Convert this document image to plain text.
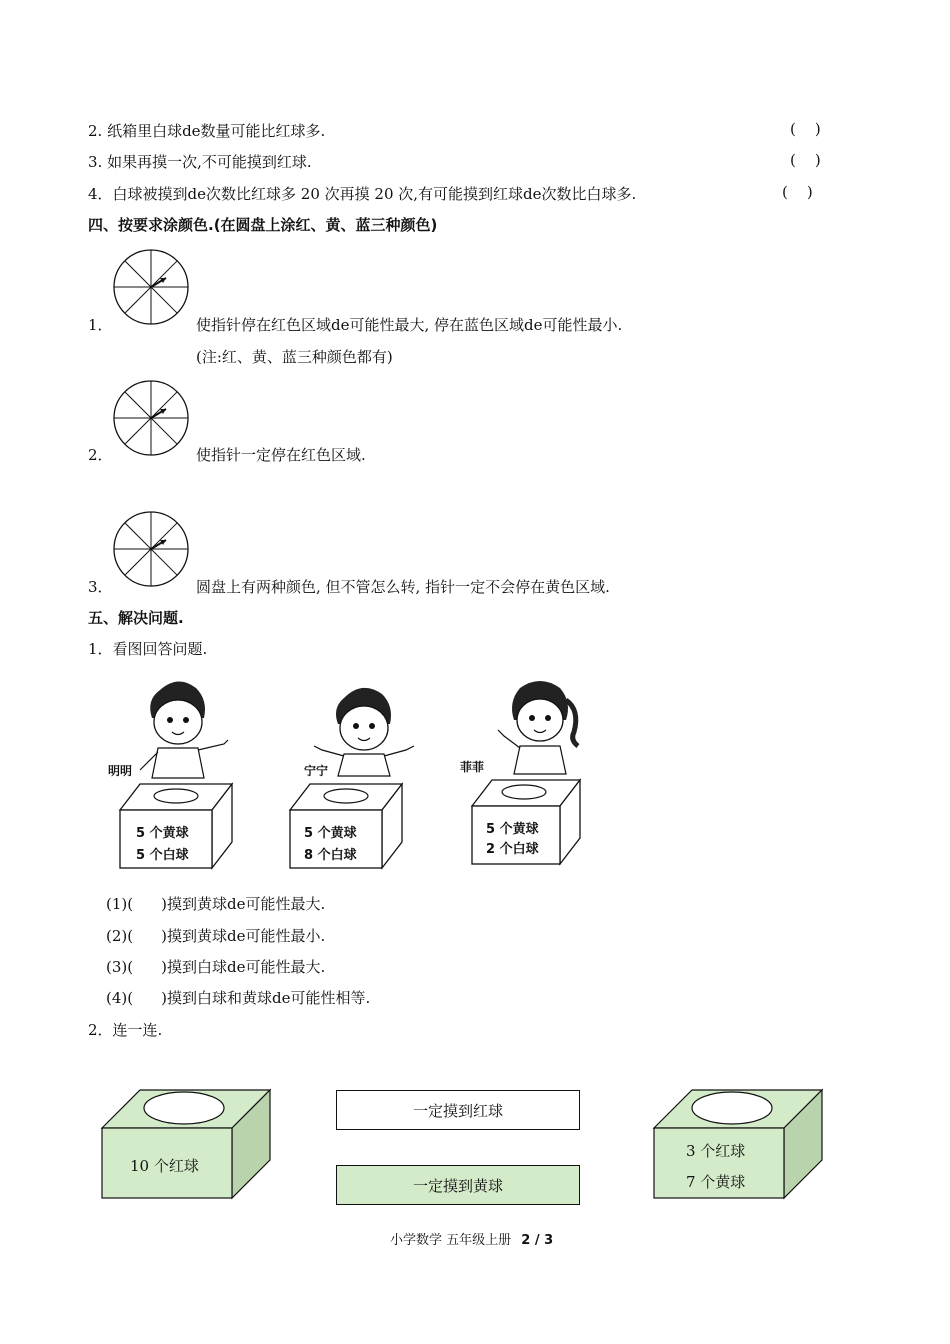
2. 纸箱里白球de数量可能比红球多.	(    )
3. 如果再摸一次,不可能摸到红球.	(    )
4．白球被摸到de次数比红球多 20 次再摸 20 次,有可能摸到红球de次数比白球多.	(    )
四、按要求涂颜色.(在圆盘上涂红、黄、蓝三种颜色)
1．	使指针停在红色区域de可能性最大, 停在蓝色区域de可能性最小.
(注:红、黄、蓝三种颜色都有)
2．	使指针一定停在红色区域.
3．	圆盘上有两种颜色, 但不管怎么转, 指针一定不会停在黄色区域.
五、解决问题.
1．看图回答问题.
明明	宁宁	菲菲
5 个黄球
5 个白球
5 个黄球
8 个白球
5 个黄球
2 个白球
(1)( )摸到黄球de可能性最大.
(2)( )摸到黄球de可能性最小.
(3)( )摸到白球de可能性最大.
(4)( )摸到白球和黄球de可能性相等.
2．连一连.
10 个红球
一定摸到红球
一定摸到黄球
3 个红球
7 个黄球
小学数学 五年级上册 2 / 3
